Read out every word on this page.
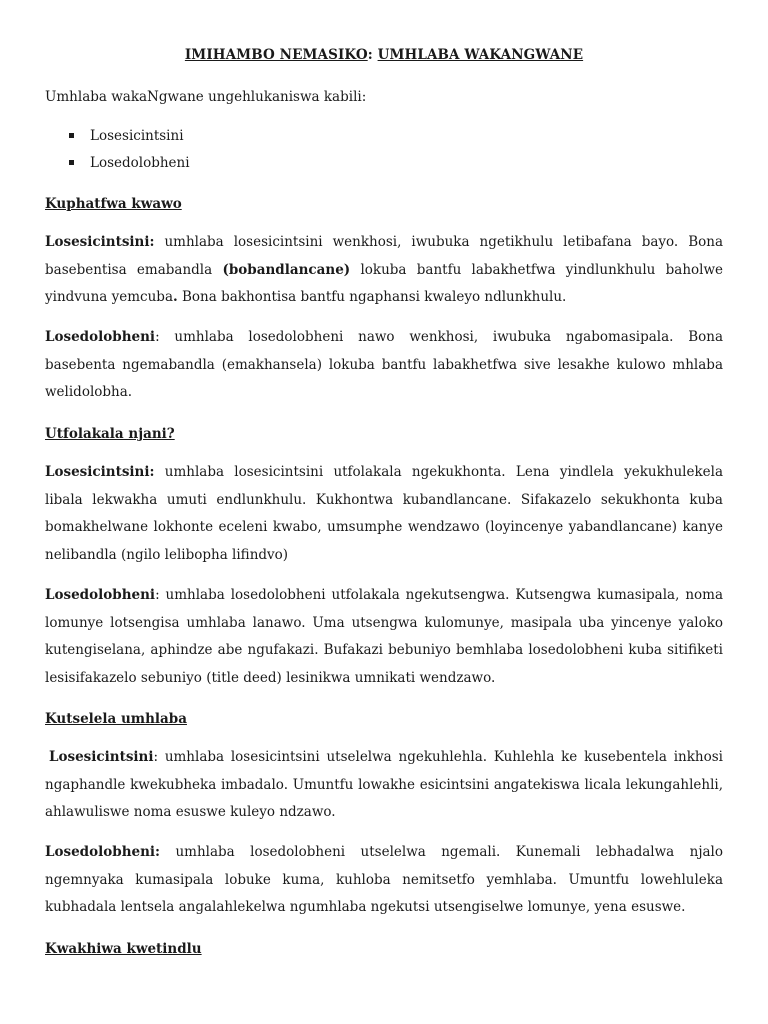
IMIHAMBO NEMASIKO: UMHLABA WAKANGWANE
Umhlaba wakaNgwane ungehlukaniswa kabili:
Losesicintsini
Losedolobheni
Kuphatfwa kwawo

Losesicintsini: umhlaba losesicintsini wenkhosi, iwubuka ngetikhulu letibafana bayo. Bona basebentisa emabandla (bobandlancane) lokuba bantfu labakhetfwa yindlunkhulu baholwe yindvuna yemcuba. Bona bakhontisa bantfu ngaphansi kwaleyo ndlunkhulu.

Losedolobheni: umhlaba losedolobheni nawo wenkhosi, iwubuka ngabomasipala. Bona basebenta ngemabandla (emakhansela) lokuba bantfu labakhetfwa sive lesakhe kulowo mhlaba welidolobha.

Utfolakala njani?

Losesicintsini: umhlaba losesicintsini utfolakala ngekukhonta. Lena yindlela yekukhulekela libala lekwakha umuti endlunkhulu. Kukhontwa kubandlancane. Sifakazelo sekukhonta kuba bomakhelwane lokhonte eceleni kwabo, umsumphe wendzawo (loyincenye yabandlancane) kanye nelibandla (ngilo lelibopha lifindvo)

Losedolobheni: umhlaba losedolobheni utfolakala ngekutsengwa. Kutsengwa kumasipala, noma lomunye lotsengisa umhlaba lanawo. Uma utsengwa kulomunye, masipala uba yincenye yaloko kutengiselana, aphindze abe ngufakazi. Bufakazi bebuniyo bemhlaba losedolobheni kuba sitifiketi lesisifakazelo sebuniyo (title deed) lesinikwa umnikati wendzawo.

Kutselela umhlaba

Losesicintsini: umhlaba losesicintsini utselelwa ngekuhlehla. Kuhlehla ke kusebentela inkhosi ngaphandle kwekubheka imbadalo. Umuntfu lowakhe esicintsini angatekiswa licala lekungahlehli, ahlawuliswe noma esuswe kuleyo ndzawo.

Losedolobheni: umhlaba losedolobheni utselelwa ngemali. Kunemali lebhadalwa njalo ngemnyaka kumasipala lobuke kuma, kuhloba nemitsetfo yemhlaba. Umuntfu lowehluleka kubhadala lentsela angalahlekelwa ngumhlaba ngekutsi utsengiselwe lomunye, yena esuswe.

Kwakhiwa kwetindlu
